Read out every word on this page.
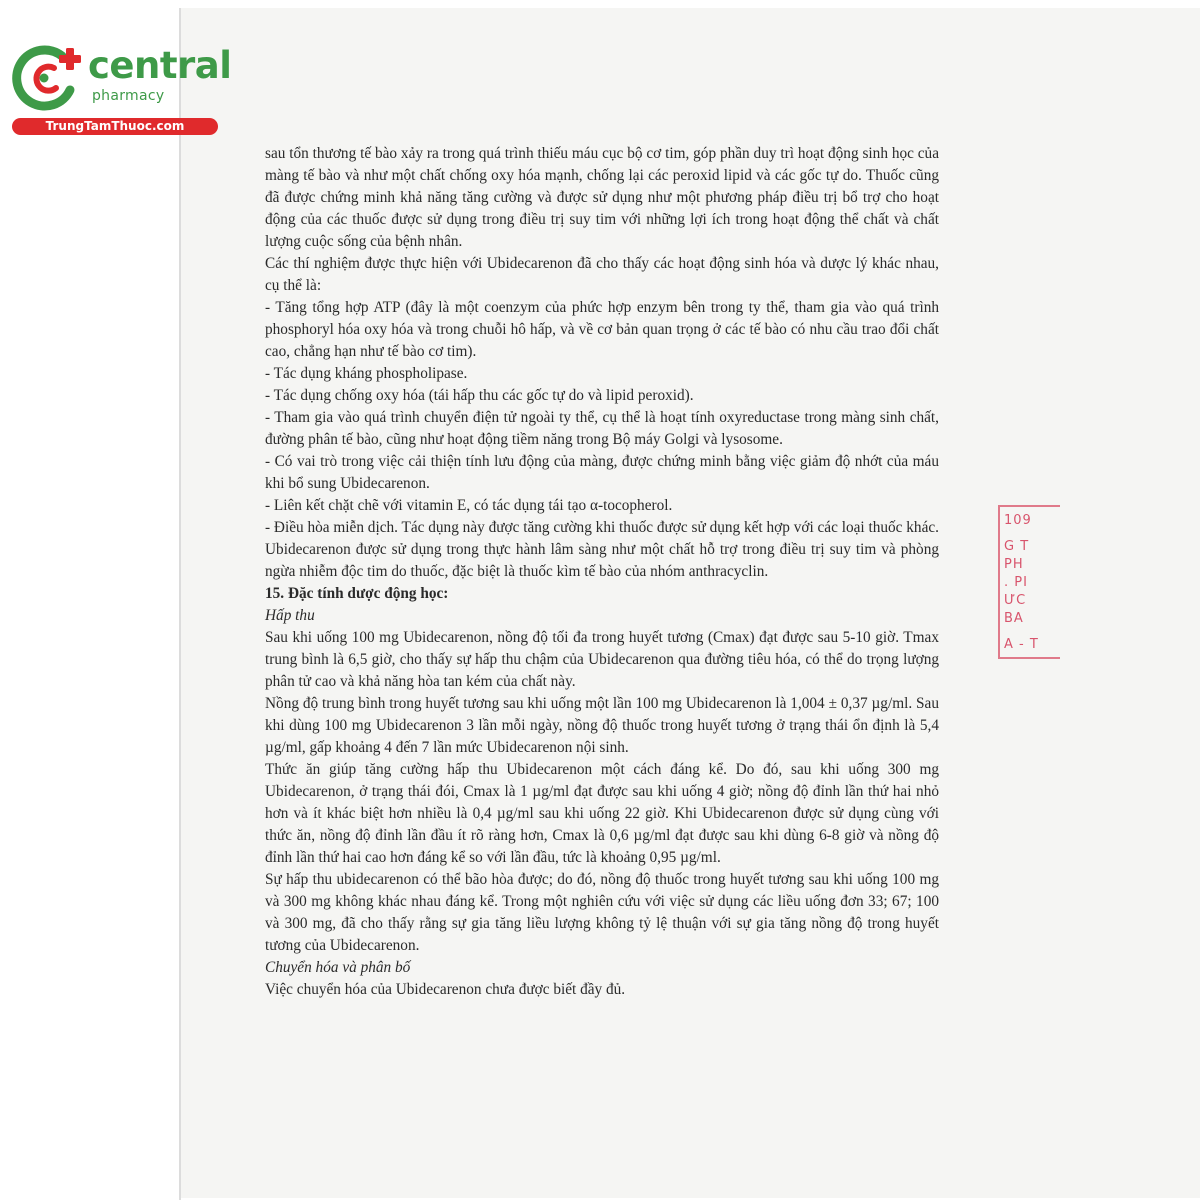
central
pharmacy
TrungTamThuoc.com

sau tổn thương tế bào xảy ra trong quá trình thiếu máu cục bộ cơ tim, góp phần duy trì hoạt động sinh học của màng tế bào và như một chất chống oxy hóa mạnh, chống lại các peroxid lipid và các gốc tự do. Thuốc cũng đã được chứng minh khả năng tăng cường và được sử dụng như một phương pháp điều trị bổ trợ cho hoạt động của các thuốc được sử dụng trong điều trị suy tim với những lợi ích trong hoạt động thể chất và chất lượng cuộc sống của bệnh nhân.

Các thí nghiệm được thực hiện với Ubidecarenon đã cho thấy các hoạt động sinh hóa và dược lý khác nhau, cụ thể là:

- Tăng tổng hợp ATP (đây là một coenzym của phức hợp enzym bên trong ty thể, tham gia vào quá trình phosphoryl hóa oxy hóa và trong chuỗi hô hấp, và về cơ bản quan trọng ở các tế bào có nhu cầu trao đổi chất cao, chẳng hạn như tế bào cơ tim).

- Tác dụng kháng phospholipase.

- Tác dụng chống oxy hóa (tái hấp thu các gốc tự do và lipid peroxid).

- Tham gia vào quá trình chuyển điện tử ngoài ty thể, cụ thể là hoạt tính oxyreductase trong màng sinh chất, đường phân tế bào, cũng như hoạt động tiềm năng trong Bộ máy Golgi và lysosome.

- Có vai trò trong việc cải thiện tính lưu động của màng, được chứng minh bằng việc giảm độ nhớt của máu khi bổ sung Ubidecarenon.

- Liên kết chặt chẽ với vitamin E, có tác dụng tái tạo α-tocopherol.

- Điều hòa miễn dịch. Tác dụng này được tăng cường khi thuốc được sử dụng kết hợp với các loại thuốc khác.

Ubidecarenon được sử dụng trong thực hành lâm sàng như một chất hỗ trợ trong điều trị suy tim và phòng ngừa nhiễm độc tim do thuốc, đặc biệt là thuốc kìm tế bào của nhóm anthracyclin.

15. Đặc tính dược động học:

Hấp thu

Sau khi uống 100 mg Ubidecarenon, nồng độ tối đa trong huyết tương (Cmax) đạt được sau 5-10 giờ. Tmax trung bình là 6,5 giờ, cho thấy sự hấp thu chậm của Ubidecarenon qua đường tiêu hóa, có thể do trọng lượng phân tử cao và khả năng hòa tan kém của chất này.

Nồng độ trung bình trong huyết tương sau khi uống một lần 100 mg Ubidecarenon là 1,004 ± 0,37 µg/ml. Sau khi dùng 100 mg Ubidecarenon 3 lần mỗi ngày, nồng độ thuốc trong huyết tương ở trạng thái ổn định là 5,4 µg/ml, gấp khoảng 4 đến 7 lần mức Ubidecarenon nội sinh.

Thức ăn giúp tăng cường hấp thu Ubidecarenon một cách đáng kể. Do đó, sau khi uống 300 mg Ubidecarenon, ở trạng thái đói, Cmax là 1 µg/ml đạt được sau khi uống 4 giờ; nồng độ đỉnh lần thứ hai nhỏ hơn và ít khác biệt hơn nhiều là 0,4 µg/ml sau khi uống 22 giờ. Khi Ubidecarenon được sử dụng cùng với thức ăn, nồng độ đỉnh lần đầu ít rõ ràng hơn, Cmax là 0,6 µg/ml đạt được sau khi dùng 6-8 giờ và nồng độ đỉnh lần thứ hai cao hơn đáng kể so với lần đầu, tức là khoảng 0,95 µg/ml.

Sự hấp thu ubidecarenon có thể bão hòa được; do đó, nồng độ thuốc trong huyết tương sau khi uống 100 mg và 300 mg không khác nhau đáng kể. Trong một nghiên cứu với việc sử dụng các liều uống đơn 33; 67; 100 và 300 mg, đã cho thấy rằng sự gia tăng liều lượng không tỷ lệ thuận với sự gia tăng nồng độ trong huyết tương của Ubidecarenon.

Chuyển hóa và phân bố

Việc chuyển hóa của Ubidecarenon chưa được biết đầy đủ.

109
G T
PH
. PI
ƯC
BA
A - T
